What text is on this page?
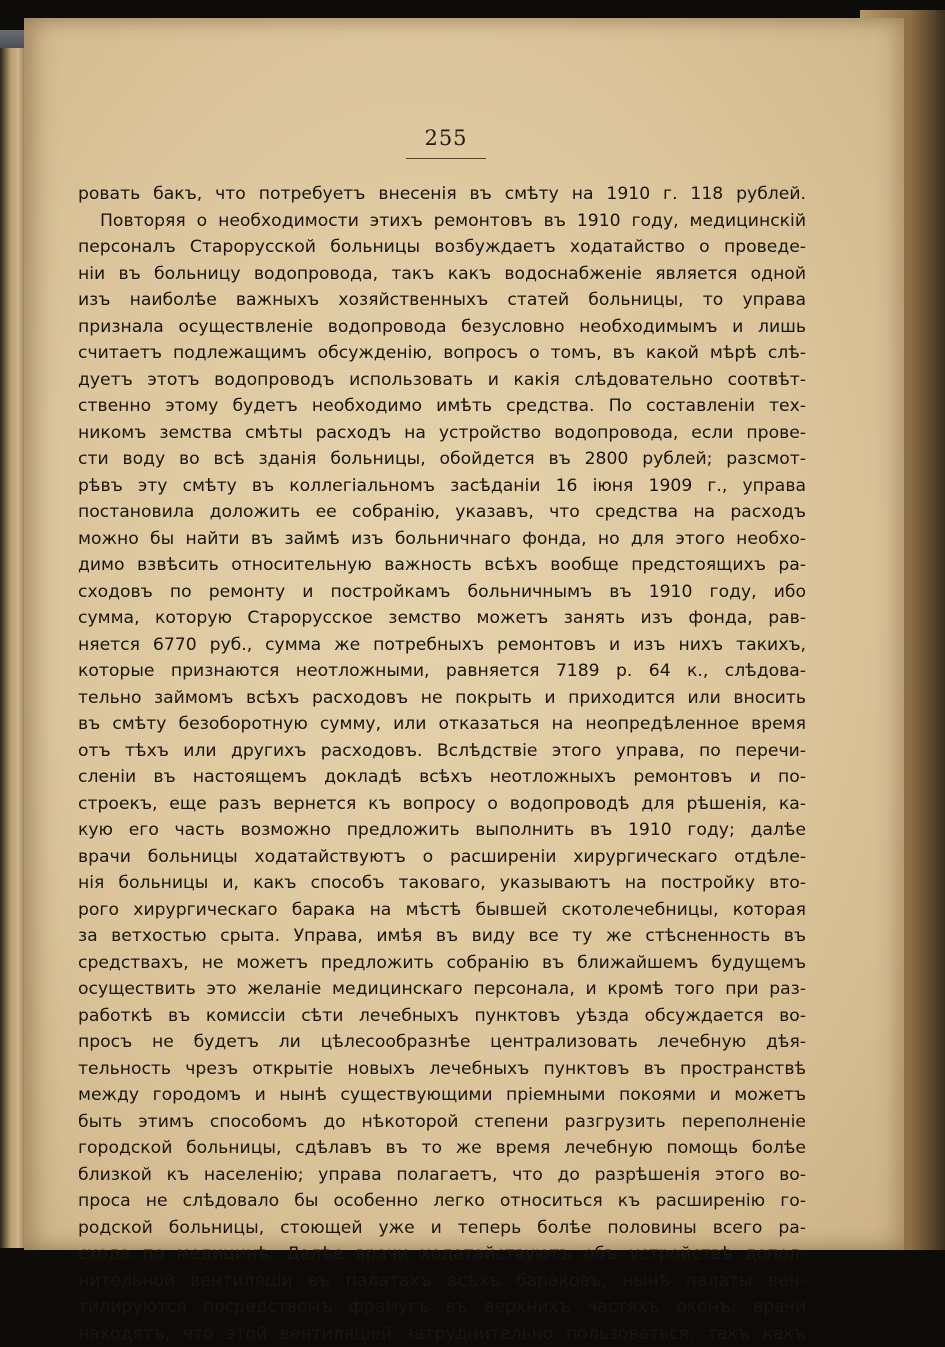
255
ровать бакъ, что потребуетъ внесенія въ смѣту на 1910 г. 118 рублей.
Повторяя о необходимости этихъ ремонтовъ въ 1910 году, медицинскій
персоналъ Старорусской больницы возбуждаетъ ходатайство о проведе-
ніи въ больницу водопровода, такъ какъ водоснабженіе является одной
изъ наиболѣе важныхъ хозяйственныхъ статей больницы, то управа
признала осуществленіе водопровода безусловно необходимымъ и лишь
считаетъ подлежащимъ обсужденію, вопросъ о томъ, въ какой мѣрѣ слѣ-
дуетъ этотъ водопроводъ использовать и какія слѣдовательно соотвѣт-
ственно этому будетъ необходимо имѣть средства. По составленіи тех-
никомъ земства смѣты расходъ на устройство водопровода, если прове-
сти воду во всѣ зданія больницы, обойдется въ 2800 рублей; разсмот-
рѣвъ эту смѣту въ коллегіальномъ засѣданіи 16 іюня 1909 г., управа
постановила доложить ее собранію, указавъ, что средства на расходъ
можно бы найти въ займѣ изъ больничнаго фонда, но для этого необхо-
димо взвѣсить относительную важность всѣхъ вообще предстоящихъ ра-
сходовъ по ремонту и постройкамъ больничнымъ въ 1910 году, ибо
сумма, которую Старорусское земство можетъ занять изъ фонда, рав-
няется 6770 руб., сумма же потребныхъ ремонтовъ и изъ нихъ такихъ,
которые признаются неотложными, равняется 7189 р. 64 к., слѣдова-
тельно займомъ всѣхъ расходовъ не покрыть и приходится или вносить
въ смѣту безоборотную сумму, или отказаться на неопредѣленное время
отъ тѣхъ или другихъ расходовъ. Вслѣдствіе этого управа, по перечи-
сленіи въ настоящемъ докладѣ всѣхъ неотложныхъ ремонтовъ и по-
строекъ, еще разъ вернется къ вопросу о водопроводѣ для рѣшенія, ка-
кую его часть возможно предложить выполнить въ 1910 году; далѣе
врачи больницы ходатайствуютъ о расширеніи хирургическаго отдѣле-
нія больницы и, какъ способъ таковаго, указываютъ на постройку вто-
рого хирургическаго барака на мѣстѣ бывшей скотолечебницы, которая
за ветхостью срыта. Управа, имѣя въ виду все ту же стѣсненность въ
средствахъ, не можетъ предложить собранію въ ближайшемъ будущемъ
осуществить это желаніе медицинскаго персонала, и кромѣ того при раз-
работкѣ въ комиссіи сѣти лечебныхъ пунктовъ уѣзда обсуждается во-
просъ не будетъ ли цѣлесообразнѣе централизовать лечебную дѣя-
тельность чрезъ открытіе новыхъ лечебныхъ пунктовъ въ пространствѣ
между городомъ и нынѣ существующими пріемными покоями и можетъ
быть этимъ способомъ до нѣкоторой степени разгрузить переполненіе
городской больницы, сдѣлавъ въ то же время лечебную помощь болѣе
близкой къ населенію; управа полагаетъ, что до разрѣшенія этого во-
проса не слѣдовало бы особенно легко относиться къ расширенію го-
родской больницы, стоющей уже и теперь болѣе половины всего ра-
схода по медицинѣ. Далѣе врачи ходатайствуютъ объ устройствѣ допол-
нительной вентиляціи въ палатахъ всѣхъ бараковъ, нынѣ палаты вен-
тилируются посредствомъ фрамугъ въ верхнихъ частяхъ оконъ; врачи
находятъ, что этой вентиляціей затруднительно пользоваться, такъ какъ
